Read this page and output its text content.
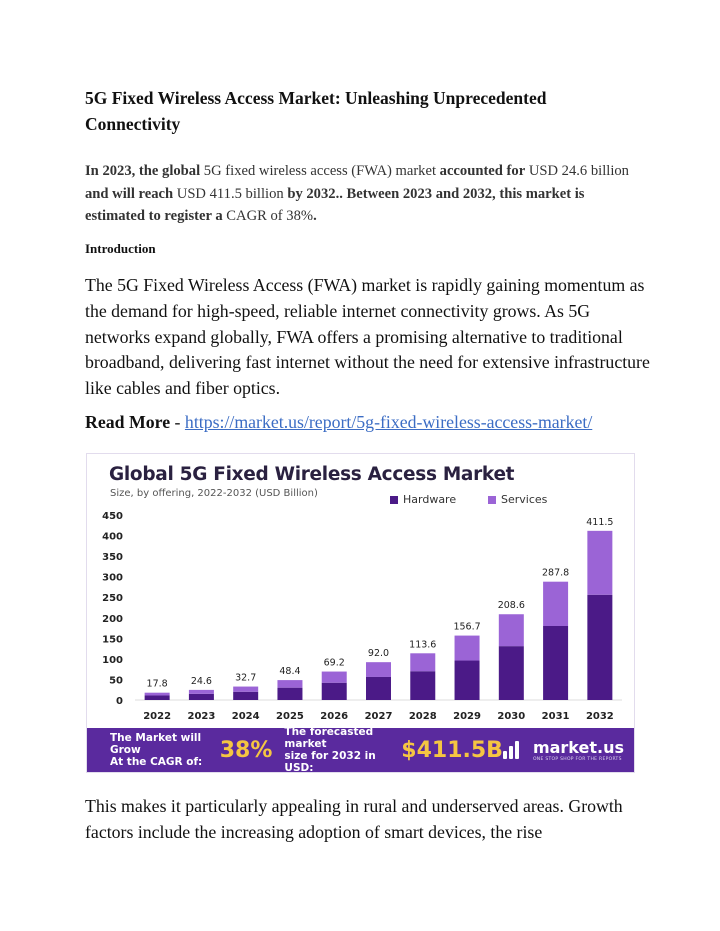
5G Fixed Wireless Access Market: Unleashing Unprecedented Connectivity
In 2023, the global 5G fixed wireless access (FWA) market accounted for USD 24.6 billion and will reach USD 411.5 billion by 2032.. Between 2023 and 2032, this market is estimated to register a CAGR of 38%.
Introduction
The 5G Fixed Wireless Access (FWA) market is rapidly gaining momentum as the demand for high-speed, reliable internet connectivity grows. As 5G networks expand globally, FWA offers a promising alternative to traditional broadband, delivering fast internet without the need for extensive infrastructure like cables and fiber optics.
Read More - https://market.us/report/5g-fixed-wireless-access-market/
Global 5G Fixed Wireless Access Market
Size, by offering, 2022-2032 (USD Billion)	Hardware	Services
0
50
100
150
200
250
300
350
400
450
17.8
2022
24.6
2023
32.7
2024
48.4
2025
69.2
2026
92.0
2027
113.6
2028
156.7
2029
208.6
2030
287.8
2031
411.5
2032
The Market will Grow
At the CAGR of: 38%
The forecasted market
size for 2032 in USD:
$411.5B market.us
ONE STOP SHOP FOR THE REPORTS
This makes it particularly appealing in rural and underserved areas. Growth factors include the increasing adoption of smart devices, the rise
